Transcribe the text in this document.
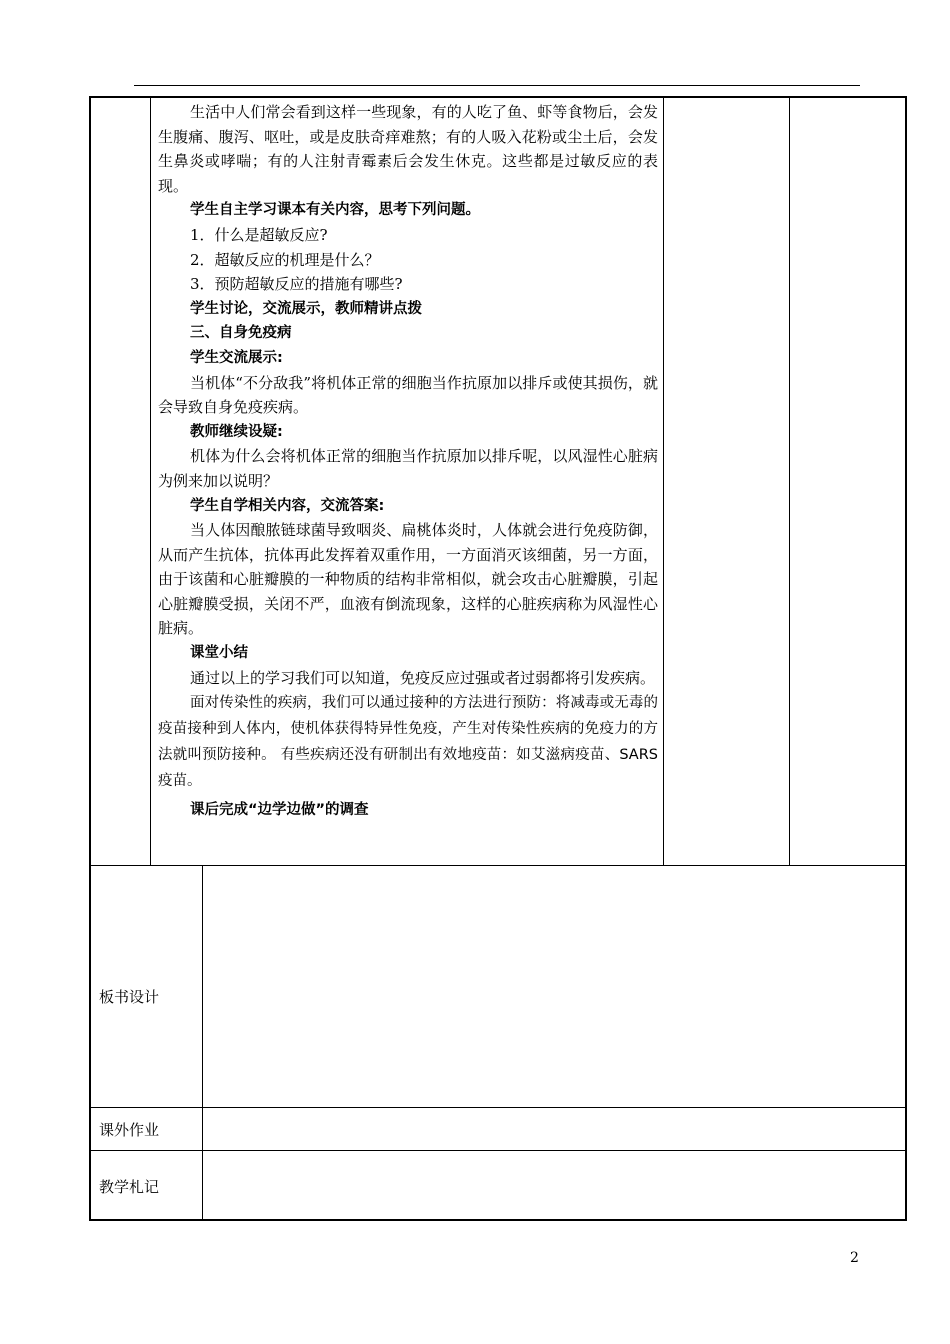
生活中人们常会看到这样一些现象，有的人吃了鱼、虾等食物后，会发生腹痛、腹泻、呕吐，或是皮肤奇痒难熬；有的人吸入花粉或尘土后，会发生鼻炎或哮喘；有的人注射青霉素后会发生休克。这些都是过敏反应的表现。

学生自主学习课本有关内容，思考下列问题。

1．什么是超敏反应?

2．超敏反应的机理是什么？

3．预防超敏反应的措施有哪些?

学生讨论，交流展示，教师精讲点拨

三、自身免疫病

学生交流展示:

当机体“不分敌我”将机体正常的细胞当作抗原加以排斥或使其损伤，就会导致自身免疫疾病。

教师继续设疑:

机体为什么会将机体正常的细胞当作抗原加以排斥呢，以风湿性心脏病为例来加以说明？

学生自学相关内容，交流答案:

当人体因酿脓链球菌导致咽炎、扁桃体炎时，人体就会进行免疫防御，从而产生抗体，抗体再此发挥着双重作用，一方面消灭该细菌，另一方面，由于该菌和心脏瓣膜的一种物质的结构非常相似，就会攻击心脏瓣膜，引起心脏瓣膜受损，关闭不严，血液有倒流现象，这样的心脏疾病称为风湿性心脏病。

课堂小结

通过以上的学习我们可以知道，免疫反应过强或者过弱都将引发疾病。

面对传染性的疾病，我们可以通过接种的方法进行预防：将减毒或无毒的疫苗接种到人体内，使机体获得特异性免疫，产生对传染性疾病的免疫力的方法就叫预防接种。 有些疾病还没有研制出有效地疫苗：如艾滋病疫苗、SARS疫苗。

课后完成“边学边做”的调查

板书设计
课外作业
教学札记
2
